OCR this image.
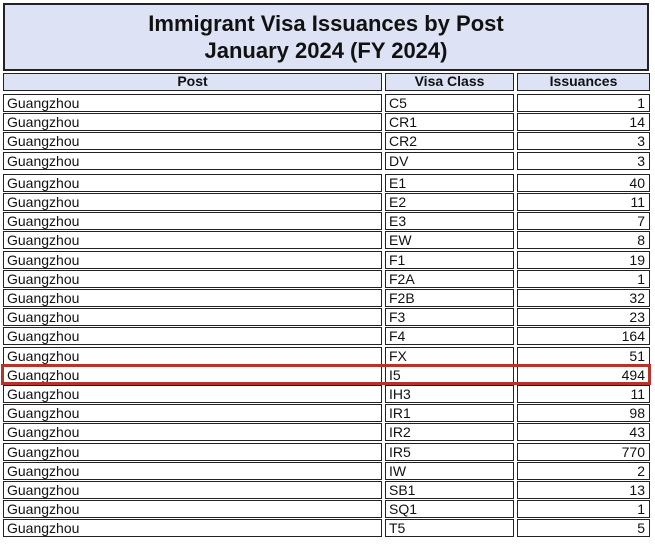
Immigrant Visa Issuances by Post
January 2024 (FY 2024)
Post	Visa Class	Issuances
Guangzhou	C5	1
Guangzhou	CR1	14
Guangzhou	CR2	3
Guangzhou	DV	3
Guangzhou	E1	40
Guangzhou	E2	11
Guangzhou	E3	7
Guangzhou	EW	8
Guangzhou	F1	19
Guangzhou	F2A	1
Guangzhou	F2B	32
Guangzhou	F3	23
Guangzhou	F4	164
Guangzhou	FX	51
Guangzhou	I5	494
Guangzhou	IH3	11
Guangzhou	IR1	98
Guangzhou	IR2	43
Guangzhou	IR5	770
Guangzhou	IW	2
Guangzhou	SB1	13
Guangzhou	SQ1	1
Guangzhou	T5	5
